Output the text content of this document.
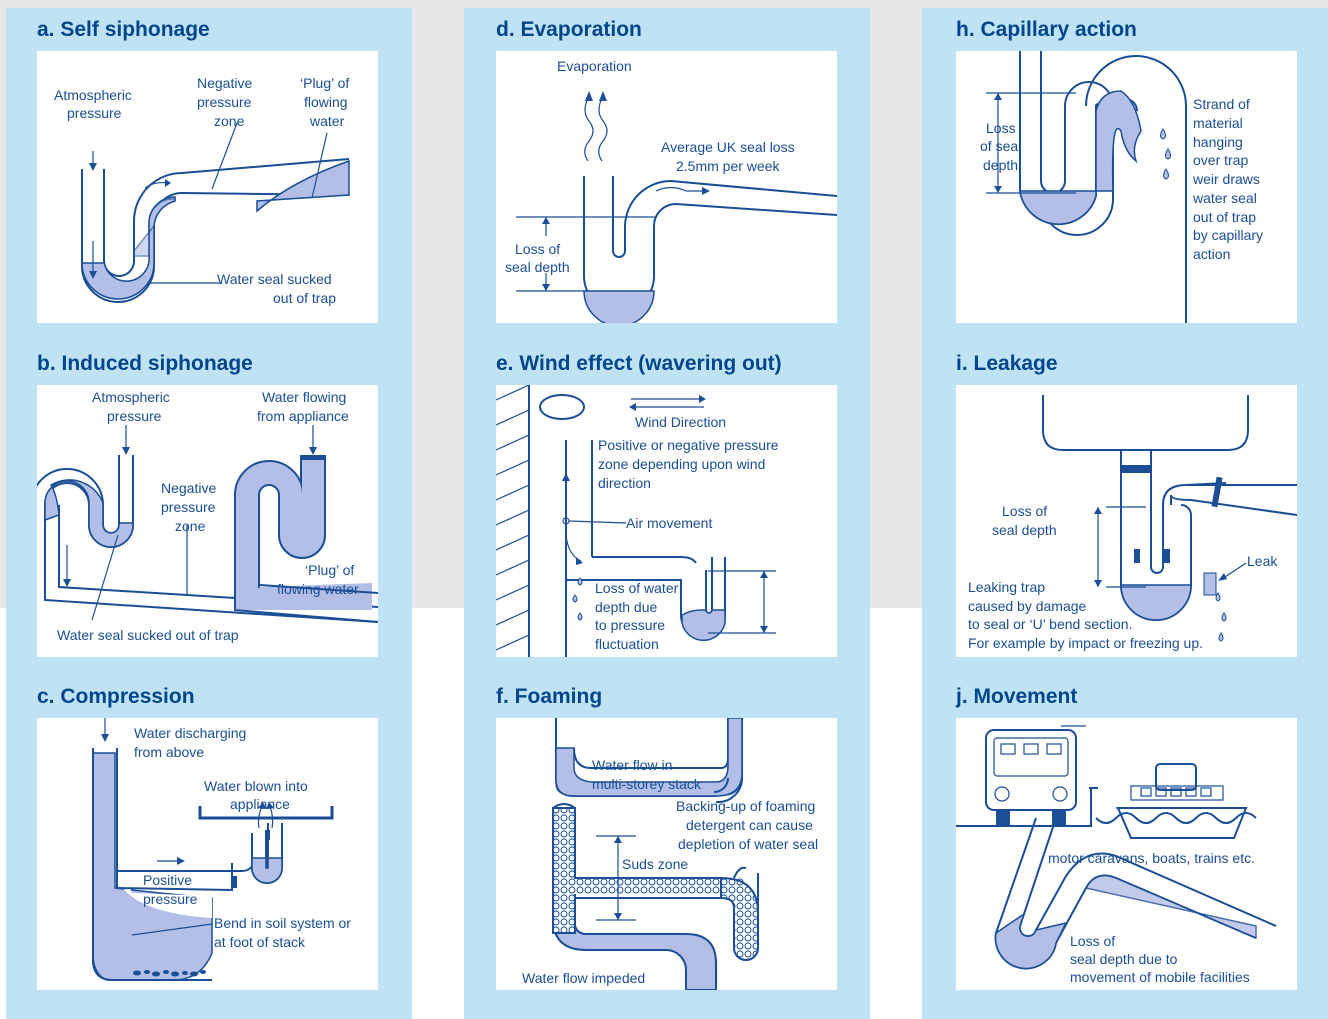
a. Self siphonage
Atmospheric
pressure
Negative
pressure
zone
‘Plug’ of
flowing
water
Water seal sucked
out of trap
b. Induced siphonage
Atmospheric
pressure
Water flowing
from appliance
Negative
pressure
zone
‘Plug’ of
flowing water
Water seal sucked out of trap
c. Compression
Water discharging
from above
Water blown into
appliance
Positive
pressure
Bend in soil system or
at foot of stack
d. Evaporation
Evaporation
Average UK seal loss
2.5mm per week
Loss of
seal depth
e. Wind effect (wavering out)
Wind Direction
Positive or negative pressure
zone depending upon wind
direction
Air movement
Loss of water
depth due
to pressure
fluctuation
f. Foaming
Water flow in
multi-storey stack
Backing-up of foaming
detergent can cause
depletion of water seal
Suds zone
Water flow impeded
h. Capillary action
Loss
of seal
depth
Strand of
material
hanging
over trap
weir draws
water seal
out of trap
by capillary
action
i. Leakage
Loss of
seal depth
Leak
Leaking trap
caused by damage
to seal or ‘U’ bend section.
For example by impact or freezing up.
j. Movement
motor caravans, boats, trains etc.
Loss of
seal depth due to
movement of mobile facilities
